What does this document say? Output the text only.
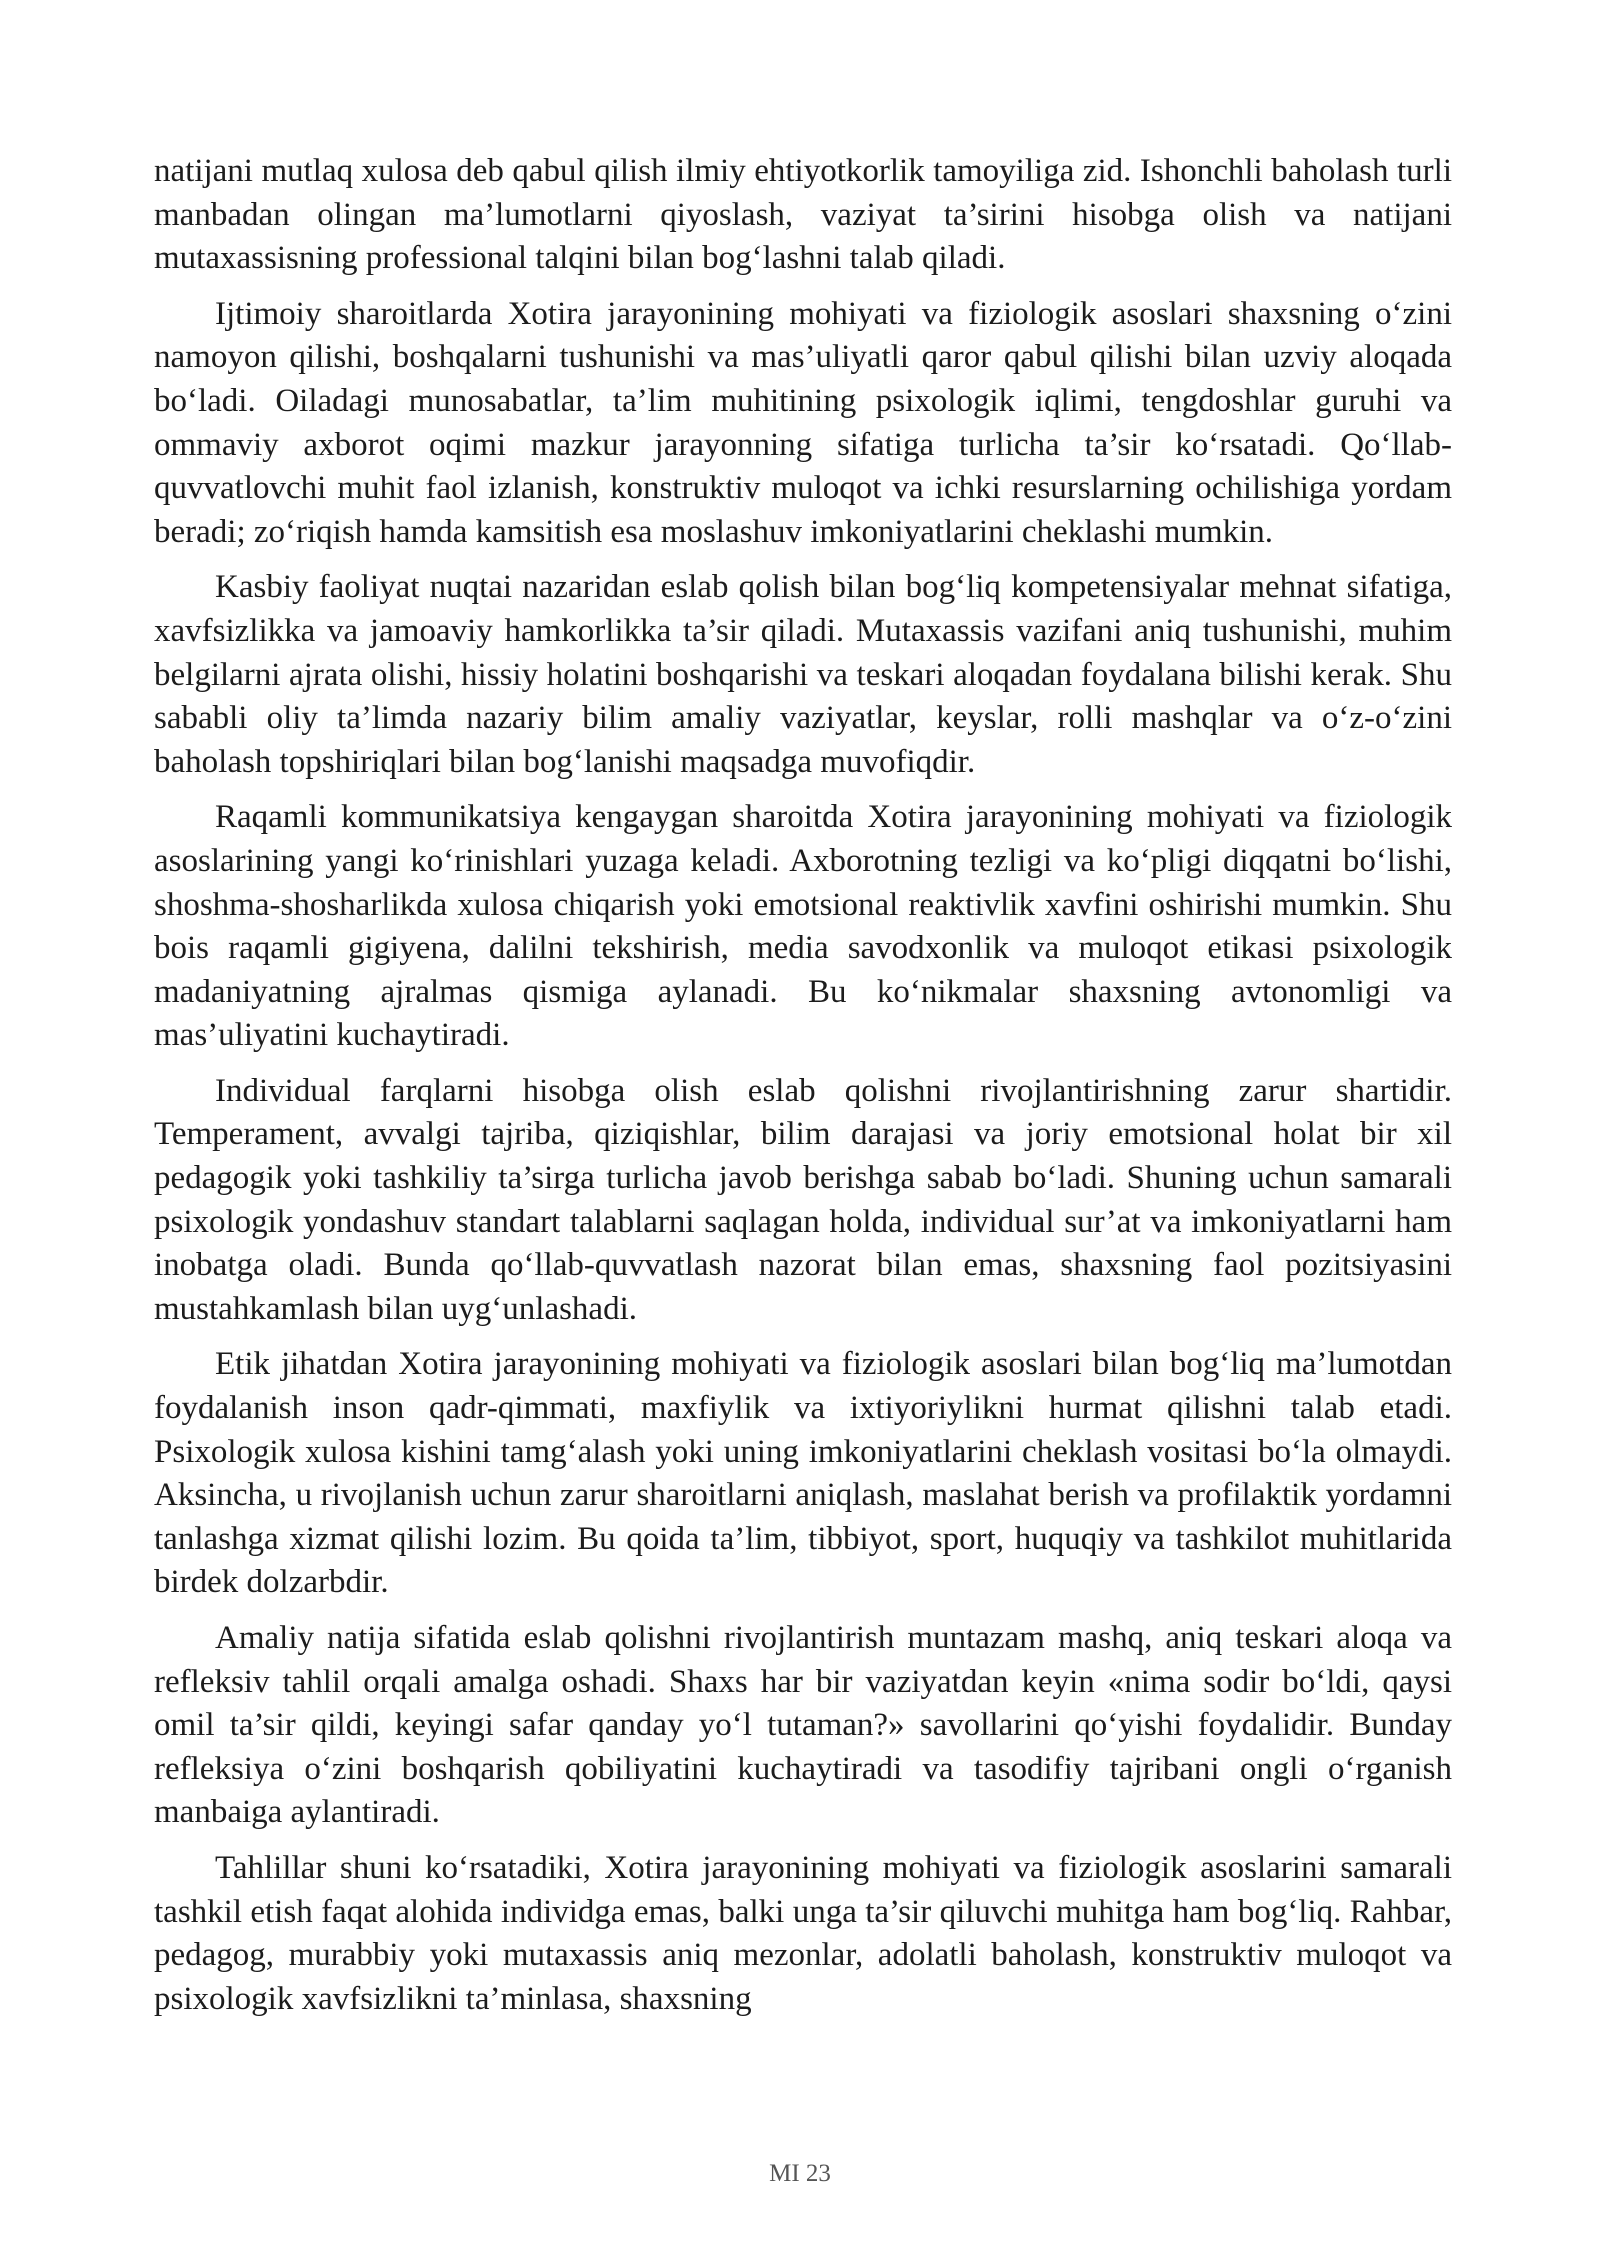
natijani mutlaq xulosa deb qabul qilish ilmiy ehtiyotkorlik tamoyiliga zid. Ishonchli baholash turli manbadan olingan ma’lumotlarni qiyoslash, vaziyat ta’sirini hisobga olish va natijani mutaxassisning professional talqini bilan bog‘lashni talab qiladi.

Ijtimoiy sharoitlarda Xotira jarayonining mohiyati va fiziologik asoslari shaxsning o‘zini namoyon qilishi, boshqalarni tushunishi va mas’uliyatli qaror qabul qilishi bilan uzviy aloqada bo‘ladi. Oiladagi munosabatlar, ta’lim muhitining psixologik iqlimi, tengdoshlar guruhi va ommaviy axborot oqimi mazkur jarayonning sifatiga turlicha ta’sir ko‘rsatadi. Qo‘llab-quvvatlovchi muhit faol izlanish, konstruktiv muloqot va ichki resurslarning ochilishiga yordam beradi; zo‘riqish hamda kamsitish esa moslashuv imkoniyatlarini cheklashi mumkin.

Kasbiy faoliyat nuqtai nazaridan eslab qolish bilan bog‘liq kompetensiyalar mehnat sifatiga, xavfsizlikka va jamoaviy hamkorlikka ta’sir qiladi. Mutaxassis vazifani aniq tushunishi, muhim belgilarni ajrata olishi, hissiy holatini boshqarishi va teskari aloqadan foydalana bilishi kerak. Shu sababli oliy ta’limda nazariy bilim amaliy vaziyatlar, keyslar, rolli mashqlar va o‘z-o‘zini baholash topshiriqlari bilan bog‘lanishi maqsadga muvofiqdir.

Raqamli kommunikatsiya kengaygan sharoitda Xotira jarayonining mohiyati va fiziologik asoslarining yangi ko‘rinishlari yuzaga keladi. Axborotning tezligi va ko‘pligi diqqatni bo‘lishi, shoshma-shosharlikda xulosa chiqarish yoki emotsional reaktivlik xavfini oshirishi mumkin. Shu bois raqamli gigiyena, dalilni tekshirish, media savodxonlik va muloqot etikasi psixologik madaniyatning ajralmas qismiga aylanadi. Bu ko‘nikmalar shaxsning avtonomligi va mas’uliyatini kuchaytiradi.

Individual farqlarni hisobga olish eslab qolishni rivojlantirishning zarur shartidir. Temperament, avvalgi tajriba, qiziqishlar, bilim darajasi va joriy emotsional holat bir xil pedagogik yoki tashkiliy ta’sirga turlicha javob berishga sabab bo‘ladi. Shuning uchun samarali psixologik yondashuv standart talablarni saqlagan holda, individual sur’at va imkoniyatlarni ham inobatga oladi. Bunda qo‘llab-quvvatlash nazorat bilan emas, shaxsning faol pozitsiyasini mustahkamlash bilan uyg‘unlashadi.

Etik jihatdan Xotira jarayonining mohiyati va fiziologik asoslari bilan bog‘liq ma’lumotdan foydalanish inson qadr-qimmati, maxfiylik va ixtiyoriylikni hurmat qilishni talab etadi. Psixologik xulosa kishini tamg‘alash yoki uning imkoniyatlarini cheklash vositasi bo‘la olmaydi. Aksincha, u rivojlanish uchun zarur sharoitlarni aniqlash, maslahat berish va profilaktik yordamni tanlashga xizmat qilishi lozim. Bu qoida ta’lim, tibbiyot, sport, huquqiy va tashkilot muhitlarida birdek dolzarbdir.

Amaliy natija sifatida eslab qolishni rivojlantirish muntazam mashq, aniq teskari aloqa va refleksiv tahlil orqali amalga oshadi. Shaxs har bir vaziyatdan keyin «nima sodir bo‘ldi, qaysi omil ta’sir qildi, keyingi safar qanday yo‘l tutaman?» savollarini qo‘yishi foydalidir. Bunday refleksiya o‘zini boshqarish qobiliyatini kuchaytiradi va tasodifiy tajribani ongli o‘rganish manbaiga aylantiradi.

Tahlillar shuni ko‘rsatadiki, Xotira jarayonining mohiyati va fiziologik asoslarini samarali tashkil etish faqat alohida individga emas, balki unga ta’sir qiluvchi muhitga ham bog‘liq. Rahbar, pedagog, murabbiy yoki mutaxassis aniq mezonlar, adolatli baholash, konstruktiv muloqot va psixologik xavfsizlikni ta’minlasa, shaxsning

MI 23
